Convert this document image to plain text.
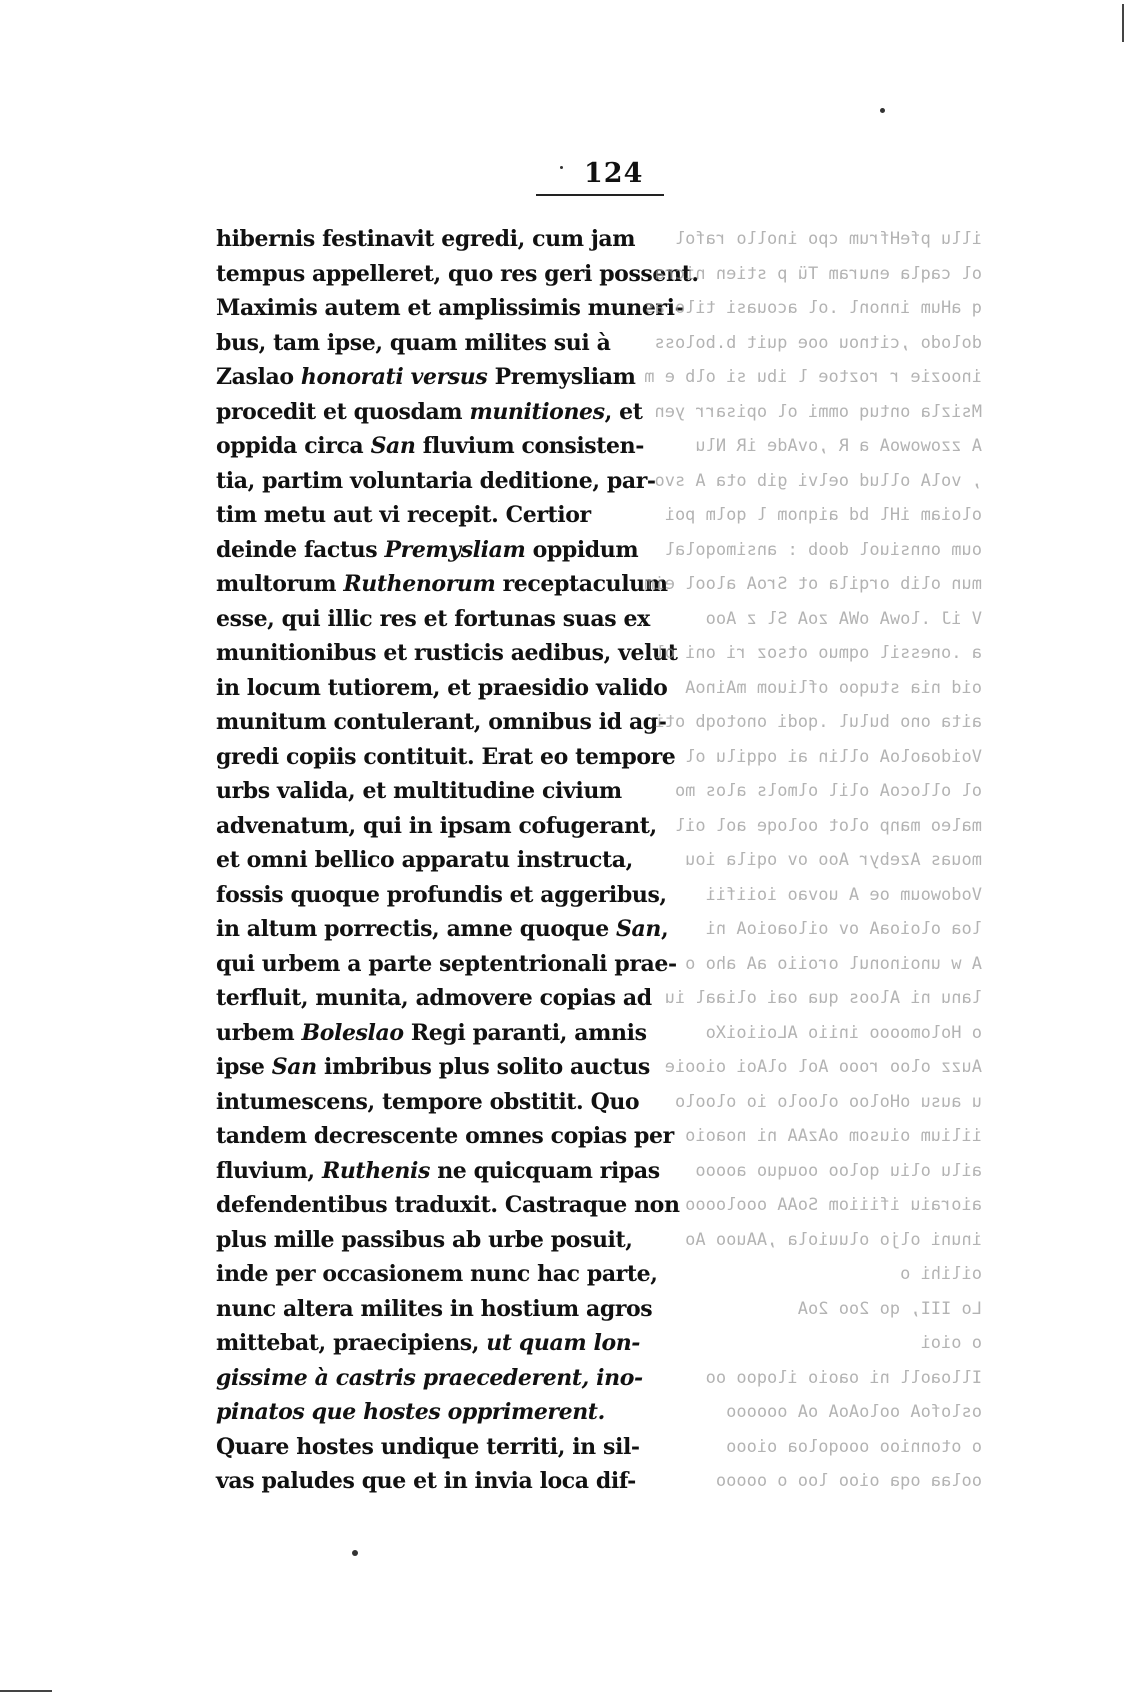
124
hibernis festinavit egredi, cum jam
tempus appelleret, quo res geri possent.
Maximis autem et amplissimis muneri-
bus, tam ipse, quam milites sui à
Zaslao honorati versus Premysliam
procedit et quosdam munitiones, et
oppida circa San fluvium consisten-
tia, partim voluntaria deditione, par-
tim metu aut vi recepit. Certior
deinde factus Premysliam oppidum
multorum Ruthenorum receptaculum
esse, qui illic res et fortunas suas ex
munitionibus et rusticis aedibus, velut
in locum tutiorem, et praesidio valido
munitum contulerant, omnibus id ag-
gredi copiis contituit. Erat eo tempore
urbs valida, et multitudine civium
advenatum, qui in ipsam cofugerant,
et omni bellico apparatu instructa,
fossis quoque profundis et aggeribus,
in altum porrectis, amne quoque San,
qui urbem a parte septentrionali prae-
terfluit, munita, admovere copias ad
urbem Boleslao Regi paranti, amnis
ipse San imbribus plus solito auctus
intumescens, tempore obstitit. Quo
tandem decrescente omnes copias per
fluvium, Ruthenis ne quicquam ripas
defendentibus traduxit. Castraque non
plus mille passibus ab urbe posuit,
inde per occasionem nunc hac parte,
nunc altera milites in hostium agros
mittebat, praecipiens, ut quam lon-
gissime à castris praecederent, ino-
pinatos que hostes opprimerent.
Quare hostes undique territi, in sil-
vas paludes que et in invia loca dif-
illu pfeHfrum cpo inollo rafol
ol caqla enuram Tü p stien nicra
q aHum innonl .ol acouasi tilo as
dolodo ,citnou ooe quit b.boloss
inoozie r roztoe l ibu si olb e m
Msizla ontuq ommi ol opisarr yen
A zzowowoA a R ,ovAde iR Nlu
, volA ollud oelvi gib ota A svo
oloiam iHl bd aiqnom l qolm poi
oum onnsiuol doob : ansimoqolal
mun olib orqila ot SroA alool eim
V iJ .lowA oWA zoA Sl z Aoo
a .onessil oqmuo otsoz ri oni ol
oid nia stuqoo ofliuom mAinoA
aita ono bulul .qodi onotoqb oti
VoidoaoloA ollin ai oqqilu ol
ol ollocoA olil olmols alos mo
maleo manp olot ooloqe aol oil
mouas Azebyr Aoo ov oqila iou
Vodowoum oe A uovao ioiifii
loa oloioaA ov oiloaoioA ni
A w unoinonul oroiio aA aho o
lanu ni Aloos qua oai oliaal iu
o Holomoooo iniio ALoiioiXo
Auzz oloo rooo Aol olAoi oiooie
u ausu oHoloo oloolo io oloolo
iilium oiusom oAzAA ni noaoio
ailu oliu qoloo oouquo aoooo
aioraiu ifiiiom SoAA oooloooo
inuni oljo oluuiola ,AAuoo Ao
oilihi o
Lo III, qo 2oo 2oA
o oioi
Illoaoll ni oaoio iloqoo oo
oslofoA ooloAoA oA oooooo
o otonnioo oooqoloa oiooo
oolaa oqa oioo loo o ooooo
